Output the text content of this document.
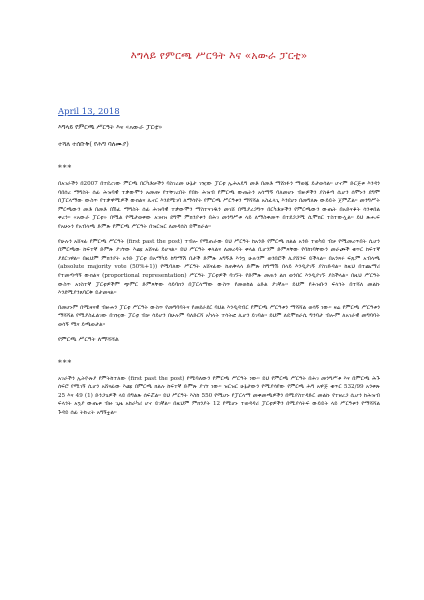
እግላይ የምርጫ ሥርዓት እና «አውራ ፓርቲ»
April 13, 2018
እግላይ የምርጫ ሥርዓት እና «አውራ ፓርቲ»
ተሻለ ተሰቡቅ( የሕግ ባለሙያ)
***

በአገራችን በ2007 በተደረገው ምርጫ በርካቶቻችን ባስገረመ ሁኔታ ገዢው ፓርቲ ኢሕአዴግ መቶ በመቶ ማሸነፉን ማወጁ ይታወሳል። ሆኖም ድርጅቱ እንዳን ባበሰረ ማግስት ሰፊ ሕዝባዊ ተቃውሞን አመጡ የተቸገረበት የበኩ ሕዝብ የምርጫ ውጤትን አሳማኝ ባለመሆኑ ብዙዎችን ያስቆጣ ሲሆን ሰሞኑን ደግሞ በፓርላማው ውስጥ የተቃዋሚዎች ውክልና ሊኖር እንደሚገባ ለማሳየት የምርጫ ሥርዓቱን ማሻሻል አስፈላጊ እንደሆነ በመግለጽ ውይይት ጀምሯል። መንግሥት ምርጫውን መቶ በመቶ በሽፈ ማግስት ሰፊ ሕዝባዊ ተቃውሞን ማስተናገዱን መገሸ በሚያረጋግጥ በርካቶቻችን የምርጫውን ውጤት በአድናቆት ሳንቀበል ቀረን። «አውራ ፓርቲ» በሚል የሚታወቀው አገዛዝ ደግሞ ምክንያቱን በሕገ መንግሥቱ ላይ ለማስቀመጥ በተደጋጋሚ ሲሞክር ተስተውሏል። ይህ ጽሑፍ የአሁኑን የአብላጫ ድምጽ የምርጫ ሥርዓት በዝርዝር ለመዳሰስ ይሞክራል።

የሁሉን አሸናፊ የምርጫ ሥርዓት (first past the post) ተብሎ የሚጠራው ይህ ሥርዓት ከአንድ የምርጫ ክልል አንድ ተወካይ ብቻ የሚመረጥበት ሲሆን በምርጫው ከፍተኛ ድምጽ ያገኘው እጩ አሸናፊ ይሆናል። ይህ ሥርዓት ቀላልና ለመረዳት ቀላል ቢሆንም ድምጻቸው የባከነባቸውን መራጮች ቁጥር ከፍተኛ ያደርገዋል። በዚህም ምክንያት አንድ ፓርቲ በአማካይ ከግማሽ በታች ድምጽ አግኝቶ እንኳ ሁሉንም ወንበሮች ሊያሸንፍ ይችላል። በአንጻሩ ፍጹም አብላጫ (absolute majority vote (50%+1)) የሚባለው ሥርዓት አሸናፊው ከጠቅላላ ድምጽ ከግማሽ በላይ እንዲያገኝ ያስገድዳል። ከዚህ በተጨማሪ የተመጣጣኝ ውክልና (proportional representation) ሥርዓት ፓርቲዎች ባገኙት የድምጽ መጠን ልክ ወንበር እንዲያገኙ ያስችላል። በዚህ ሥርዓት ውስጥ አነስተኛ ፓርቲዎችም ጭምር ድምጻቸው ሳይባክን በፓርላማው ውስጥ የመወከል ዕድል ያገኛሉ። ይህም የሕዝቡን ፍላጎት በተሻለ መልኩ እንደሚያንጸባርቅ ይታመናል።

በመሆኑም በሚዛናዊ ብዙሐን ፓርቲ ሥርዓት ውስጥ የመግባባትና የመደራደር ባህል እንዲዳብር የምርጫ ሥርዓቱን ማሻሻል ወሳኝ ነው። ዛሬ የምርጫ ሥርዓቱን ማሻሻል የሚያስፈልገው በገዢው ፓርቲ ብቻ ሳይሆን በሁሉም ባለድርሻ አካላት ተሳትፎ ሊሆን ይገባል። ይህም ለዴሞክራሲ ግንባታ ብሎም ለአገራዊ መግባባት ወሳኝ ሚና ይጫወታል።

የምርጫ ሥርዓት ለማሻሻል
***

አገራችን ኢትዮጵያ የምትከተለው (first past the post) የሚባለውን የምርጫ ሥርዓት ነው። ይህ የምርጫ ሥርዓት በሕገ መንግሥቱ እና በምርጫ ሕጉ ሰፍሮ የሚገኝ ሲሆን አሸናፊው እጩ በምርጫ ክልሉ ከፍተኛ ድምጽ ያገኘ ነው። ዝርዝር ሁኔታውን የሚያሳየው የምርጫ ሕግ አዋጅ ቁጥር 532/99 አንቀጽ 25 እና 49 (1) ድንጋጌዎች ላይ በግልጽ ሰፍሯል። ይህ ሥርዓት እስከ 550 የሚሆኑ የፓርላማ መቀመጫዎችን በሚያስተዳድር መልኩ የተዘረጋ ሲሆን ከሕዝብ ፍላጎት አኳያ ውጤቱ ብዙ ጊዜ አከራካሪ ሆኖ ይገኛል። በዚህም ምክንያት 12 የሚሆኑ ተወዳዳሪ ፓርቲዎችን በሚያሳትፍ ውይይት ላይ ሥርዓቱን የማሻሻል ጉዳይ ሰፊ ትኩረት አግኝቷል።
